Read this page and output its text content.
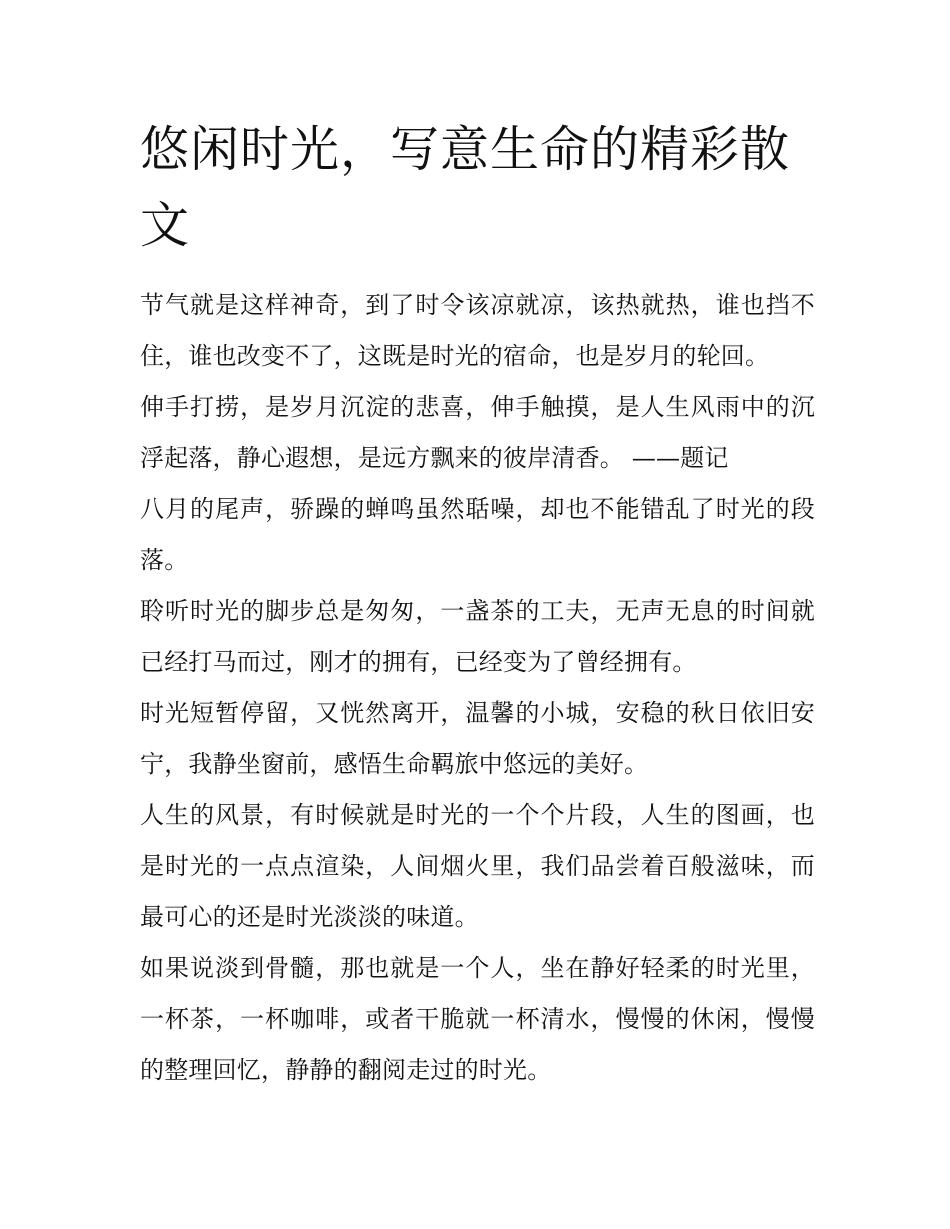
悠闲时光，写意生命的精彩散文

节气就是这样神奇，到了时令该凉就凉，该热就热，谁也挡不住，谁也改变不了，这既是时光的宿命，也是岁月的轮回。

伸手打捞，是岁月沉淀的悲喜，伸手触摸，是人生风雨中的沉浮起落，静心遐想，是远方飘来的彼岸清香。 ——题记

八月的尾声，骄躁的蝉鸣虽然聒噪，却也不能错乱了时光的段落。

聆听时光的脚步总是匆匆，一盏茶的工夫，无声无息的时间就已经打马而过，刚才的拥有，已经变为了曾经拥有。

时光短暂停留，又恍然离开，温馨的小城，安稳的秋日依旧安宁，我静坐窗前，感悟生命羁旅中悠远的美好。

人生的风景，有时候就是时光的一个个片段，人生的图画，也是时光的一点点渲染，人间烟火里，我们品尝着百般滋味，而最可心的还是时光淡淡的味道。

如果说淡到骨髓，那也就是一个人，坐在静好轻柔的时光里，一杯茶，一杯咖啡，或者干脆就一杯清水，慢慢的休闲，慢慢的整理回忆，静静的翻阅走过的时光。
